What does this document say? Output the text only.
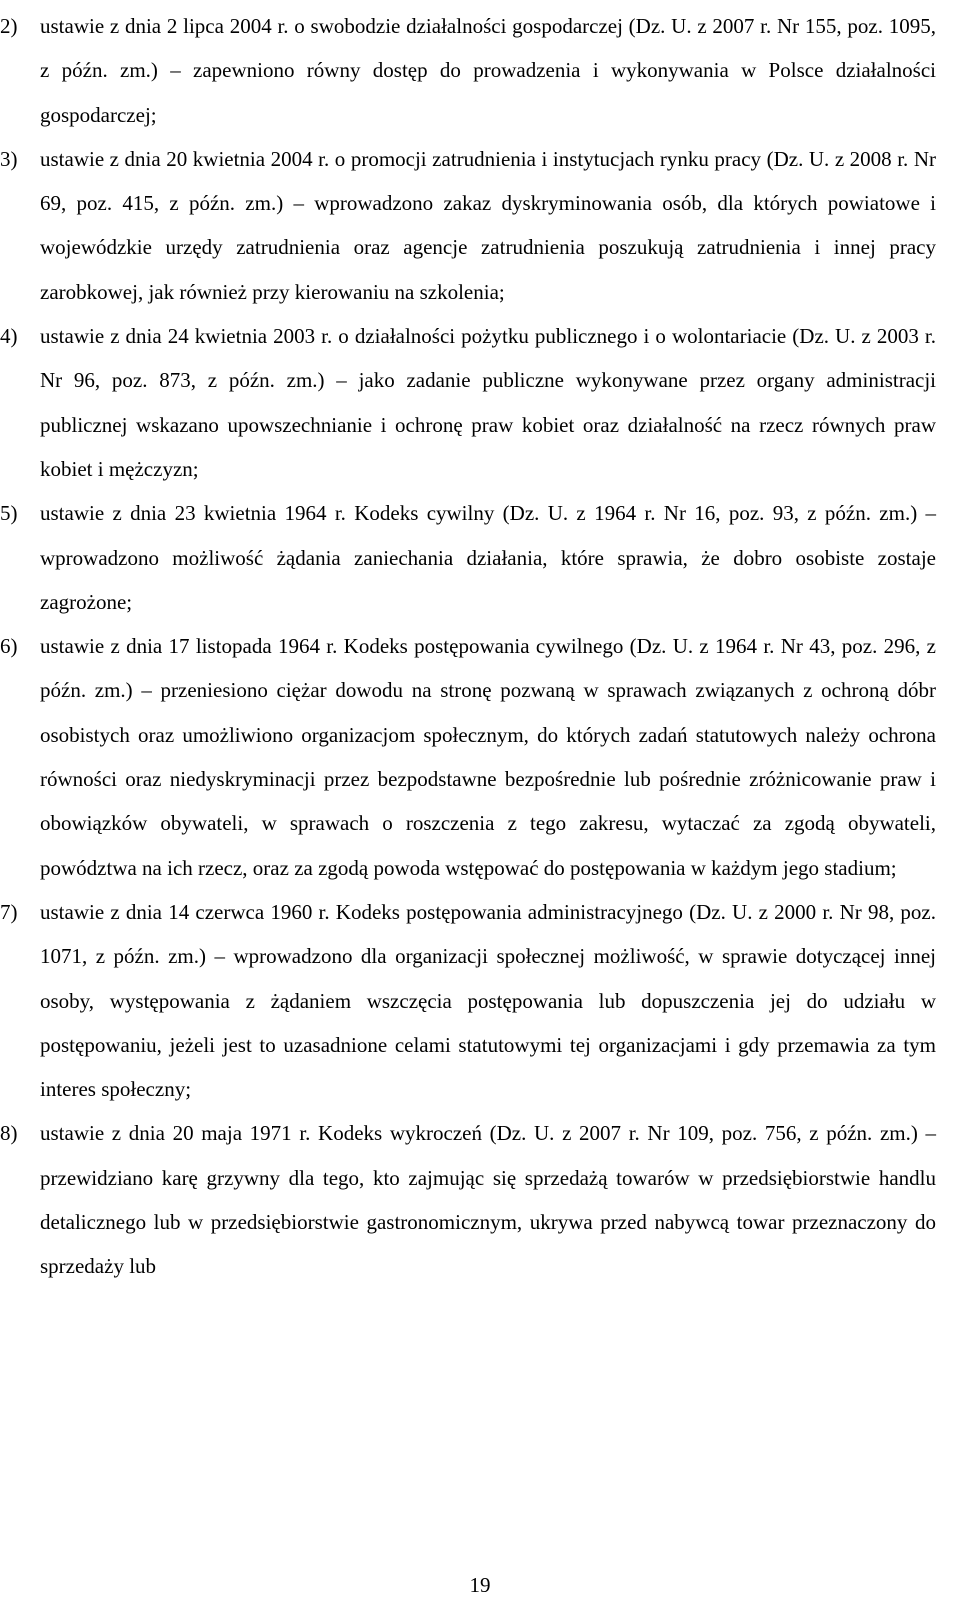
2) ustawie z dnia 2 lipca 2004 r. o swobodzie działalności gospodarczej (Dz. U. z 2007 r. Nr 155, poz. 1095, z późn. zm.) – zapewniono równy dostęp do prowadzenia i wykonywania w Polsce działalności gospodarczej;
3) ustawie z dnia 20 kwietnia 2004 r. o promocji zatrudnienia i instytucjach rynku pracy (Dz. U. z 2008 r. Nr 69, poz. 415, z późn. zm.) – wprowadzono zakaz dyskryminowania osób, dla których powiatowe i wojewódzkie urzędy zatrudnienia oraz agencje zatrudnienia poszukują zatrudnienia i innej pracy zarobkowej, jak również przy kierowaniu na szkolenia;
4) ustawie z dnia 24 kwietnia 2003 r. o działalności pożytku publicznego i o wolontariacie (Dz. U. z 2003 r. Nr 96, poz. 873, z późn. zm.) – jako zadanie publiczne wykonywane przez organy administracji publicznej wskazano upowszechnianie i ochronę praw kobiet oraz działalność na rzecz równych praw kobiet i mężczyzn;
5) ustawie z dnia 23 kwietnia 1964 r. Kodeks cywilny (Dz. U. z 1964 r. Nr 16, poz. 93, z późn. zm.) – wprowadzono możliwość żądania zaniechania działania, które sprawia, że dobro osobiste zostaje zagrożone;
6) ustawie z dnia 17 listopada 1964 r. Kodeks postępowania cywilnego (Dz. U. z 1964 r. Nr 43, poz. 296, z późn. zm.) – przeniesiono ciężar dowodu na stronę pozwaną w sprawach związanych z ochroną dóbr osobistych oraz umożliwiono organizacjom społecznym, do których zadań statutowych należy ochrona równości oraz niedyskryminacji przez bezpodstawne bezpośrednie lub pośrednie zróżnicowanie praw i obowiązków obywateli, w sprawach o roszczenia z tego zakresu, wytaczać za zgodą obywateli, powództwa na ich rzecz, oraz za zgodą powoda wstępować do postępowania w każdym jego stadium;
7) ustawie z dnia 14 czerwca 1960 r. Kodeks postępowania administracyjnego (Dz. U. z 2000 r. Nr 98, poz. 1071, z późn. zm.) – wprowadzono dla organizacji społecznej możliwość, w sprawie dotyczącej innej osoby, występowania z żądaniem wszczęcia postępowania lub dopuszczenia jej do udziału w postępowaniu, jeżeli jest to uzasadnione celami statutowymi tej organizacjami i gdy przemawia za tym interes społeczny;
8) ustawie z dnia 20 maja 1971 r. Kodeks wykroczeń (Dz. U. z 2007 r. Nr 109, poz. 756, z późn. zm.) – przewidziano karę grzywny dla tego, kto zajmując się sprzedażą towarów w przedsiębiorstwie handlu detalicznego lub w przedsiębiorstwie gastronomicznym, ukrywa przed nabywcą towar przeznaczony do sprzedaży lub
19
